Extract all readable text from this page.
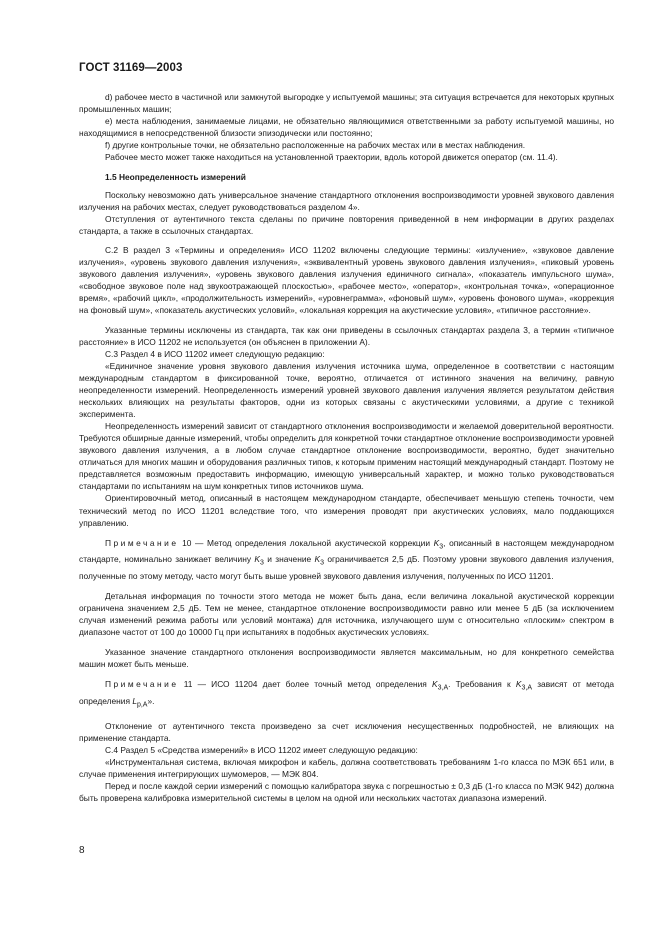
ГОСТ 31169—2003

d) рабочее место в частичной или замкнутой выгородке у испытуемой машины; эта ситуация встречается для некоторых крупных промышленных машин;

e) места наблюдения, занимаемые лицами, не обязательно являющимися ответственными за работу испытуемой машины, но находящимися в непосредственной близости эпизодически или постоянно;

f) другие контрольные точки, не обязательно расположенные на рабочих местах или в местах наблюдения.

Рабочее место может также находиться на установленной траектории, вдоль которой движется оператор (см. 11.4).

1.5 Неопределенность измерений

Поскольку невозможно дать универсальное значение стандартного отклонения воспроизводимости уровней звукового давления излучения на рабочих местах, следует руководствоваться разделом 4».

Отступления от аутентичного текста сделаны по причине повторения приведенной в нем информации в других разделах стандарта, а также в ссылочных стандартах.

С.2 В раздел 3 «Термины и определения» ИСО 11202 включены следующие термины: «излучение», «звуковое давление излучения», «уровень звукового давления излучения», «эквивалентный уровень звукового давления излучения», «пиковый уровень звукового давления излучения», «уровень звукового давления излучения единичного сигнала», «показатель импульсного шума», «свободное звуковое поле над звукоотражающей плоскостью», «рабочее место», «оператор», «контрольная точка», «операционное время», «рабочий цикл», «продолжительность измерений», «уровнеграмма», «фоновый шум», «уровень фонового шума», «коррекция на фоновый шум», «показатель акустических условий», «локальная коррекция на акустические условия», «типичное расстояние».

Указанные термины исключены из стандарта, так как они приведены в ссылочных стандартах раздела 3, а термин «типичное расстояние» в ИСО 11202 не используется (он объяснен в приложении А).

С.3 Раздел 4 в ИСО 11202 имеет следующую редакцию:

«Единичное значение уровня звукового давления излучения источника шума, определенное в соответствии с настоящим международным стандартом в фиксированной точке, вероятно, отличается от истинного значения на величину, равную неопределенности измерений. Неопределенность измерений уровней звукового давления излучения является результатом действия нескольких влияющих на результаты факторов, одни из которых связаны с акустическими условиями, а другие с техникой эксперимента.

Неопределенность измерений зависит от стандартного отклонения воспроизводимости и желаемой доверительной вероятности. Требуются обширные данные измерений, чтобы определить для конкретной точки стандартное отклонение воспроизводимости уровней звукового давления излучения, а в любом случае стандартное отклонение воспроизводимости, вероятно, будет значительно отличаться для многих машин и оборудования различных типов, к которым применим настоящий международный стандарт. Поэтому не представляется возможным предоставить информацию, имеющую универсальный характер, и можно только руководствоваться стандартами по испытаниям на шум конкретных типов источников шума.

Ориентировочный метод, описанный в настоящем международном стандарте, обеспечивает меньшую степень точности, чем технический метод по ИСО 11201 вследствие того, что измерения проводят при акустических условиях, мало поддающихся управлению.

Примечание 10 — Метод определения локальной акустической коррекции $K_3$, описанный в настоящем международном стандарте, номинально занижает величину $K_3$ и значение $K_3$ ограничивается 2,5 дБ. Поэтому уровни звукового давления излучения, полученные по этому методу, часто могут быть выше уровней звукового давления излучения, полученных по ИСО 11201.

Детальная информация по точности этого метода не может быть дана, если величина локальной акустической коррекции ограничена значением 2,5 дБ. Тем не менее, стандартное отклонение воспроизводимости равно или менее 5 дБ (за исключением случая изменений режима работы или условий монтажа) для источника, излучающего шум с относительно «плоским» спектром в диапазоне частот от 100 до 10000 Гц при испытаниях в подобных акустических условиях.

Указанное значение стандартного отклонения воспроизводимости является максимальным, но для конкретного семейства машин может быть меньше.

Примечание 11 — ИСО 11204 дает более точный метод определения $K_{3,A}$. Требования к $K_{3,A}$ зависят от метода определения $L_{p,A}$».

Отклонение от аутентичного текста произведено за счет исключения несущественных подробностей, не влияющих на применение стандарта.

С.4 Раздел 5 «Средства измерений» в ИСО 11202 имеет следующую редакцию:

«Инструментальная система, включая микрофон и кабель, должна соответствовать требованиям 1-го класса по МЭК 651 или, в случае применения интегрирующих шумомеров, — МЭК 804.

Перед и после каждой серии измерений с помощью калибратора звука с погрешностью ± 0,3 дБ (1-го класса по МЭК 942) должна быть проверена калибровка измерительной системы в целом на одной или нескольких частотах диапазона измерений.

8
